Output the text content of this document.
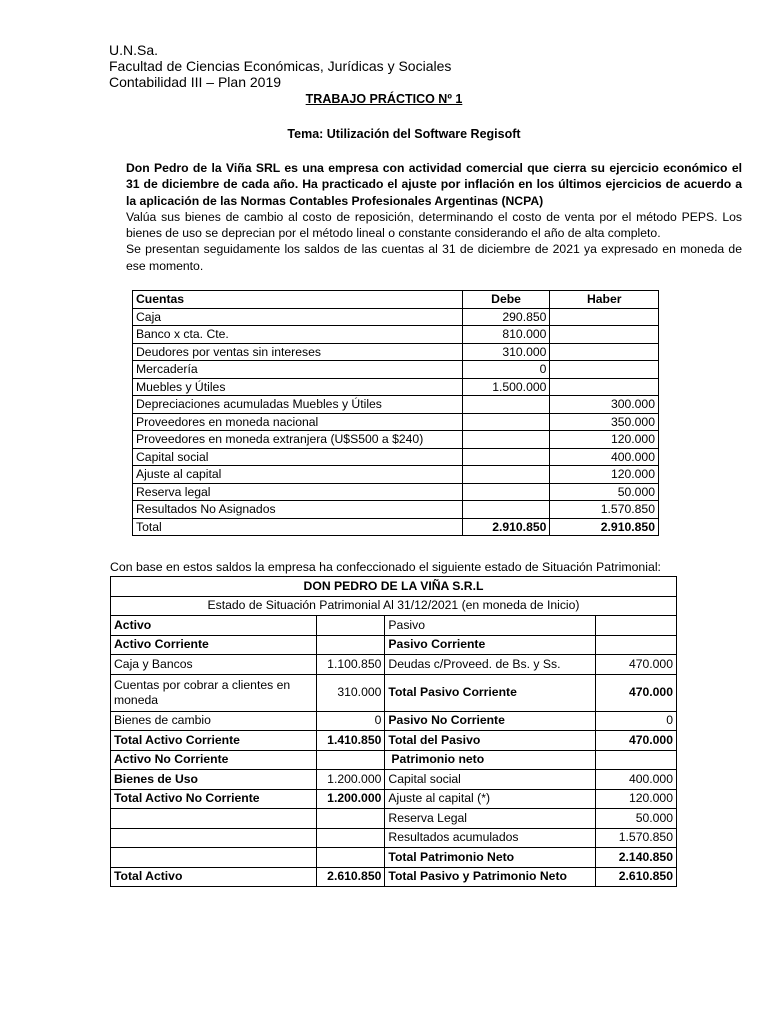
U.N.Sa.
Facultad de Ciencias Económicas, Jurídicas y Sociales
Contabilidad III – Plan 2019
TRABAJO PRÁCTICO Nº 1
Tema: Utilización del Software Regisoft

Don Pedro de la Viña SRL es una empresa con actividad comercial que cierra su ejercicio económico el 31 de diciembre de cada año. Ha practicado el ajuste por inflación en los últimos ejercicios de acuerdo a la aplicación de las Normas Contables Profesionales Argentinas (NCPA)

Valúa sus bienes de cambio al costo de reposición, determinando el costo de venta por el método PEPS. Los bienes de uso se deprecian por el método lineal o constante considerando el año de alta completo.

Se presentan seguidamente los saldos de las cuentas al 31 de diciembre de 2021 ya expresado en moneda de ese momento.

Cuentas	Debe	Haber
Caja	290.850	
Banco x cta. Cte.	810.000	
Deudores por ventas sin intereses	310.000	
Mercadería	0	
Muebles y Útiles	1.500.000	
Depreciaciones acumuladas Muebles y Útiles		300.000
Proveedores en moneda nacional		350.000
Proveedores en moneda extranjera (U$S500 a $240)		120.000
Capital social		400.000
Ajuste al capital		120.000
Reserva legal		50.000
Resultados No Asignados		1.570.850
Total	2.910.850	2.910.850
Con base en estos saldos la empresa ha confeccionado el siguiente estado de Situación Patrimonial:
DON PEDRO DE LA VIÑA S.R.L			
Estado de Situación Patrimonial Al 31/12/2021 (en moneda de Inicio)			
Activo		Pasivo	
Activo Corriente		Pasivo Corriente	
Caja y Bancos	1.100.850	Deudas c/Proveed. de Bs. y Ss.	470.000
Cuentas por cobrar a clientes en moneda	310.000	Total Pasivo Corriente	470.000
Bienes de cambio	0	Pasivo No Corriente	0
Total Activo Corriente	1.410.850	Total del Pasivo	470.000
Activo No Corriente		Patrimonio neto	
Bienes de Uso	1.200.000	Capital social	400.000
Total Activo No Corriente	1.200.000	Ajuste al capital (*)	120.000
		Reserva Legal	50.000
		Resultados acumulados	1.570.850
		Total Patrimonio Neto	2.140.850
Total Activo	2.610.850	Total Pasivo y Patrimonio Neto	2.610.850
